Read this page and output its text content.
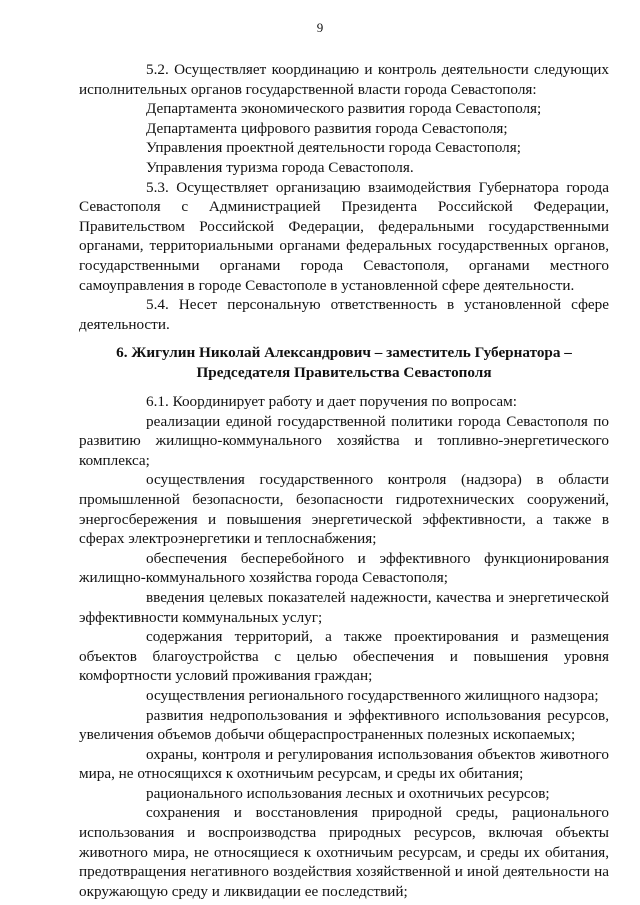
9

5.2. Осуществляет координацию и контроль деятельности следующих исполнительных органов государственной власти города Севастополя:

Департамента экономического развития города Севастополя;

Департамента цифрового развития города Севастополя;

Управления проектной деятельности города Севастополя;

Управления туризма города Севастополя.

5.3. Осуществляет организацию взаимодействия Губернатора города Севастополя с Администрацией Президента Российской Федерации, Правительством Российской Федерации, федеральными государственными органами, территориальными органами федеральных государственных органов, государственными органами города Севастополя, органами местного самоуправления в городе Севастополе в установленной сфере деятельности.

5.4. Несет персональную ответственность в установленной сфере деятельности.

6. Жигулин Николай Александрович – заместитель Губернатора –
Председателя Правительства Севастополя

6.1. Координирует работу и дает поручения по вопросам:

реализации единой государственной политики города Севастополя по развитию жилищно-коммунального хозяйства и топливно-энергетического комплекса;

осуществления государственного контроля (надзора) в области промышленной безопасности, безопасности гидротехнических сооружений, энергосбережения и повышения энергетической эффективности, а также в сферах электроэнергетики и теплоснабжения;

обеспечения бесперебойного и эффективного функционирования жилищно-коммунального хозяйства города Севастополя;

введения целевых показателей надежности, качества и энергетической эффективности коммунальных услуг;

содержания территорий, а также проектирования и размещения объектов благоустройства с целью обеспечения и повышения уровня комфортности условий проживания граждан;

осуществления регионального государственного жилищного надзора;

развития недропользования и эффективного использования ресурсов, увеличения объемов добычи общераспространенных полезных ископаемых;

охраны, контроля и регулирования использования объектов животного мира, не относящихся к охотничьим ресурсам, и среды их обитания;

рационального использования лесных и охотничьих ресурсов;

сохранения и восстановления природной среды, рационального использования и воспроизводства природных ресурсов, включая объекты животного мира, не относящиеся к охотничьим ресурсам, и среды их обитания, предотвращения негативного воздействия хозяйственной и иной деятельности на окружающую среду и ликвидации ее последствий;
